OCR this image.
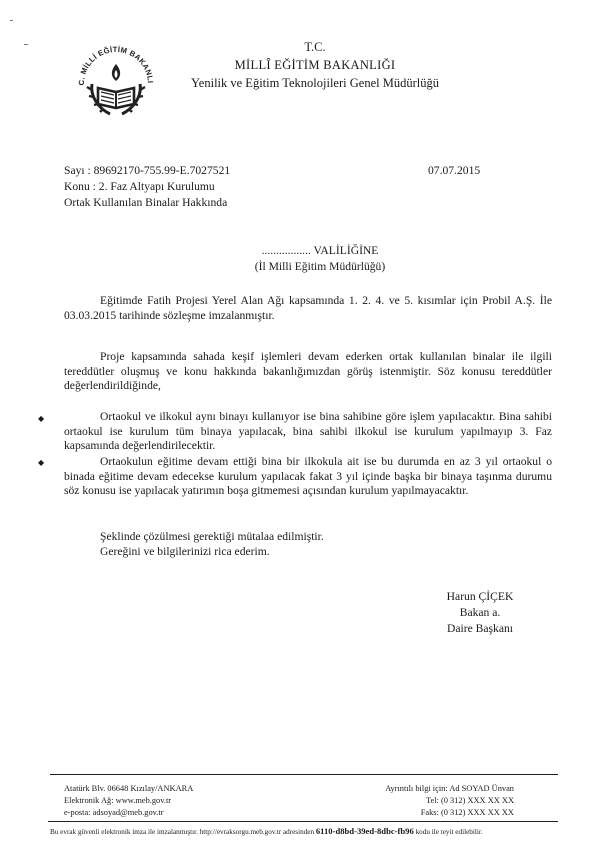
C. MİLLİ EĞİTİM BAKANLI
T.C.
MİLLÎ EĞİTİM BAKANLIĞI
Yenilik ve Eğitim Teknolojileri Genel Müdürlüğü
Sayı : 89692170-755.99-E.7027521	07.07.2015
Konu : 2. Faz Altyapı Kurulumu
Ortak Kullanılan Binalar Hakkında
................. VALİLİĞİNE
(İl Milli Eğitim Müdürlüğü)
Eğitimde Fatih Projesi Yerel Alan Ağı kapsamında 1. 2. 4. ve 5. kısımlar için Probil A.Ş. İle 03.03.2015 tarihinde sözleşme imzalanmıştır.
Proje kapsamında sahada keşif işlemleri devam ederken ortak kullanılan binalar ile ilgili tereddütler oluşmuş ve konu hakkında bakanlığımızdan görüş istenmiştir. Söz konusu tereddütler değerlendirildiğinde,
◆	Ortaokul ve ilkokul aynı binayı kullanıyor ise bina sahibine göre işlem yapılacaktır. Bina sahibi ortaokul ise kurulum tüm binaya yapılacak, bina sahibi ilkokul ise kurulum yapılmayıp 3. Faz kapsamında değerlendirilecektir.
◆	Ortaokulun eğitime devam ettiği bina bir ilkokula ait ise bu durumda en az 3 yıl ortaokul o binada eğitime devam edecekse kurulum yapılacak fakat 3 yıl içinde başka bir binaya taşınma durumu söz konusu ise yapılacak yatırımın boşa gitmemesi açısından kurulum yapılmayacaktır.
Şeklinde çözülmesi gerektiği mütalaa edilmiştir.
Gereğini ve bilgilerinizi rica ederim.
Harun ÇİÇEK
Bakan a.
Daire Başkanı
Atatürk Blv. 06648 Kızılay/ANKARA
Elektronik Ağ: www.meb.gov.tr
e-posta: adsoyad@meb.gov.tr
Ayrıntılı bilgi için: Ad SOYAD Ünvan
Tel: (0 312) XXX XX XX
Faks: (0 312) XXX XX XX
Bu evrak güvenli elektronik imza ile imzalanmıştır. http://evraksorgu.meb.gov.tr adresinden 6110-d8bd-39ed-8dbc-fb96 kodu ile teyit edilebilir.
